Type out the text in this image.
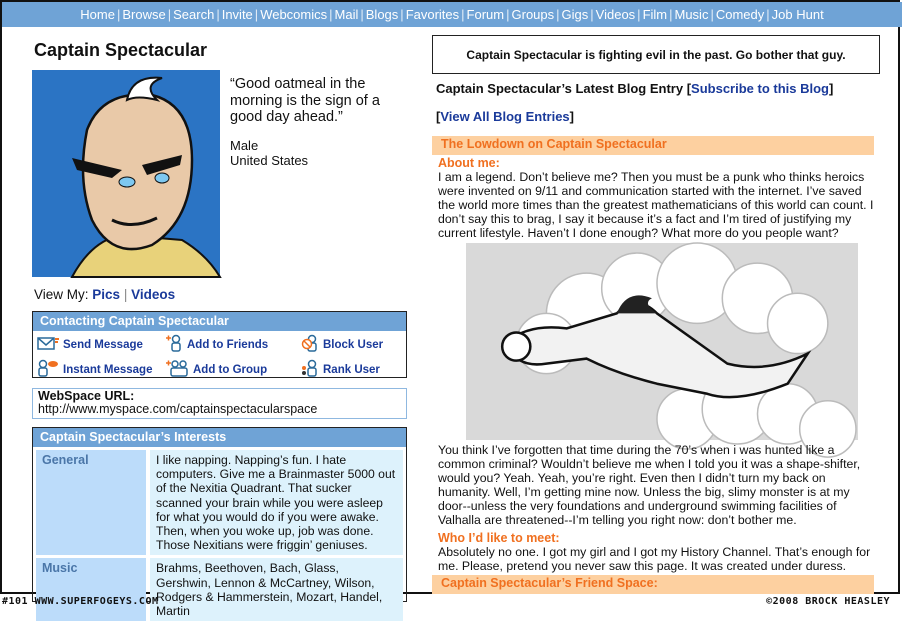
Home | Browse | Search | Invite | Webcomics | Mail | Blogs | Favorites | Forum | Groups | Gigs | Videos | Film | Music | Comedy | Job Hunt
Captain Spectacular
“Good oatmeal in the morning is the sign of a good day ahead.”
Male
United States
View My: Pics | Videos
Contacting Captain Spectacular
Send Message	Add to Friends	Block User
Instant Message	Add to Group	Rank User
WebSpace URL:
http://www.myspace.com/captainspectacularspace
Captain Spectacular’s Interests
General	I like napping. Napping’s fun. I hate computers. Give me a Brainmaster 5000 out of the Nexitia Quadrant. That sucker scanned your brain while you were asleep for what you would do if you were awake. Then, when you woke up, job was done. Those Nexitians were friggin’ geniuses.
Music	Brahms, Beethoven, Bach, Glass, Gershwin, Lennon & McCartney, Wilson, Rodgers & Hammerstein, Mozart, Handel, Martin
Captain Spectacular is fighting evil in the past. Go bother that guy.
Captain Spectacular’s Latest Blog Entry [Subscribe to this Blog]
[View All Blog Entries]
The Lowdown on Captain Spectacular
About me:
I am a legend. Don’t believe me? Then you must be a punk who thinks heroics were invented on 9/11 and communication started with the internet. I’ve saved the world more times than the greatest mathematicians of this world can count. I don’t say this to brag, I say it because it’s a fact and I’m tired of justifying my current lifestyle. Haven’t I done enough? What more do you people want?
You think I’ve forgotten that time during the 70’s when i was hunted like a common criminal? Wouldn’t believe me when I told you it was a shape-shifter, would you? Yeah. Yeah, you’re right. Even then I didn’t turn my back on humanity. Well, I’m getting mine now. Unless the big, slimy monster is at my door--unless the very foundations and underground swimming facilities of Valhalla are threatened--I’m telling you right now: don’t bother me.
Who I’d like to meet:
Absolutely no one. I got my girl and I got my History Channel. That’s enough for me. Please, pretend you never saw this page. It was created under duress.
Captain Spectacular’s Friend Space:
#101 WWW.SUPERFOGEYS.COM	©2008 BROCK HEASLEY
